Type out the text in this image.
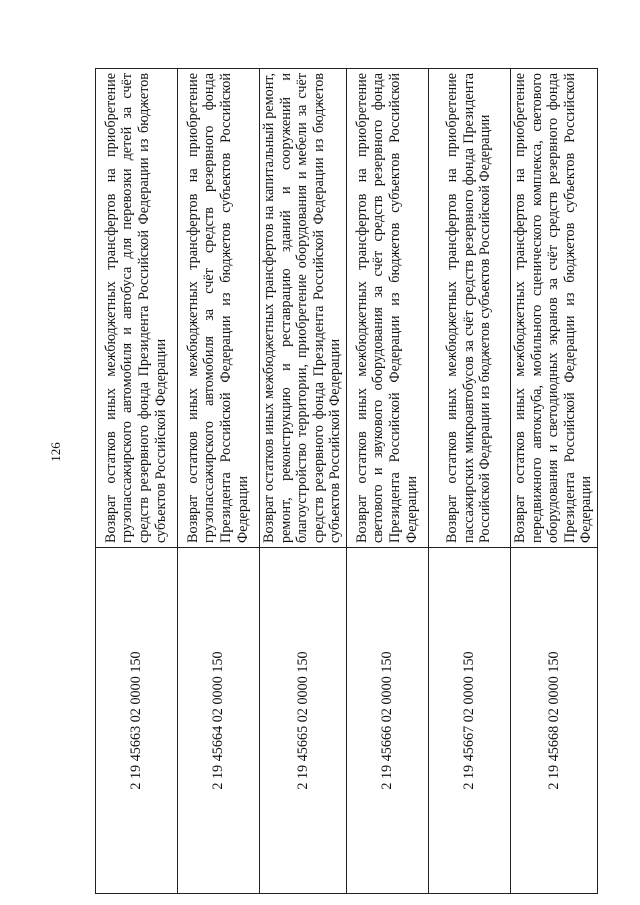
126
2 19 45663 02 0000 150	Возврат остатков иных межбюджетных трансфертов на приобретение грузопассажирского автомобиля и автобуса для перевозки детей за счёт средств резервного фонда Президента Российской Федерации из бюджетов субъектов Российской Федерации
2 19 45664 02 0000 150	Возврат остатков иных межбюджетных трансфертов на приобретение грузопассажирского автомобиля за счёт средств резервного фонда Президента Российской Федерации из бюджетов субъектов Российской Федерации
2 19 45665 02 0000 150	Возврат остатков иных межбюджетных трансфертов на капитальный ремонт, ремонт, реконструкцию и реставрацию зданий и сооружений и благоустройство территории, приобретение оборудования и мебели за счёт средств резервного фонда Президента Российской Федерации из бюджетов субъектов Российской Федерации
2 19 45666 02 0000 150	Возврат остатков иных межбюджетных трансфертов на приобретение светового и звукового оборудования за счёт средств резервного фонда Президента Российской Федерации из бюджетов субъектов Российской Федерации
2 19 45667 02 0000 150	Возврат остатков иных межбюджетных трансфертов на приобретение пассажирских микроавтобусов за счёт средств резервного фонда Президента Российской Федерации из бюджетов субъектов Российской Федерации
2 19 45668 02 0000 150	Возврат остатков иных межбюджетных трансфертов на приобретение передвижного автоклуба, мобильного сценического комплекса, светового оборудования и светодиодных экранов за счёт средств резервного фонда Президента Российской Федерации из бюджетов субъектов Российской Федерации
